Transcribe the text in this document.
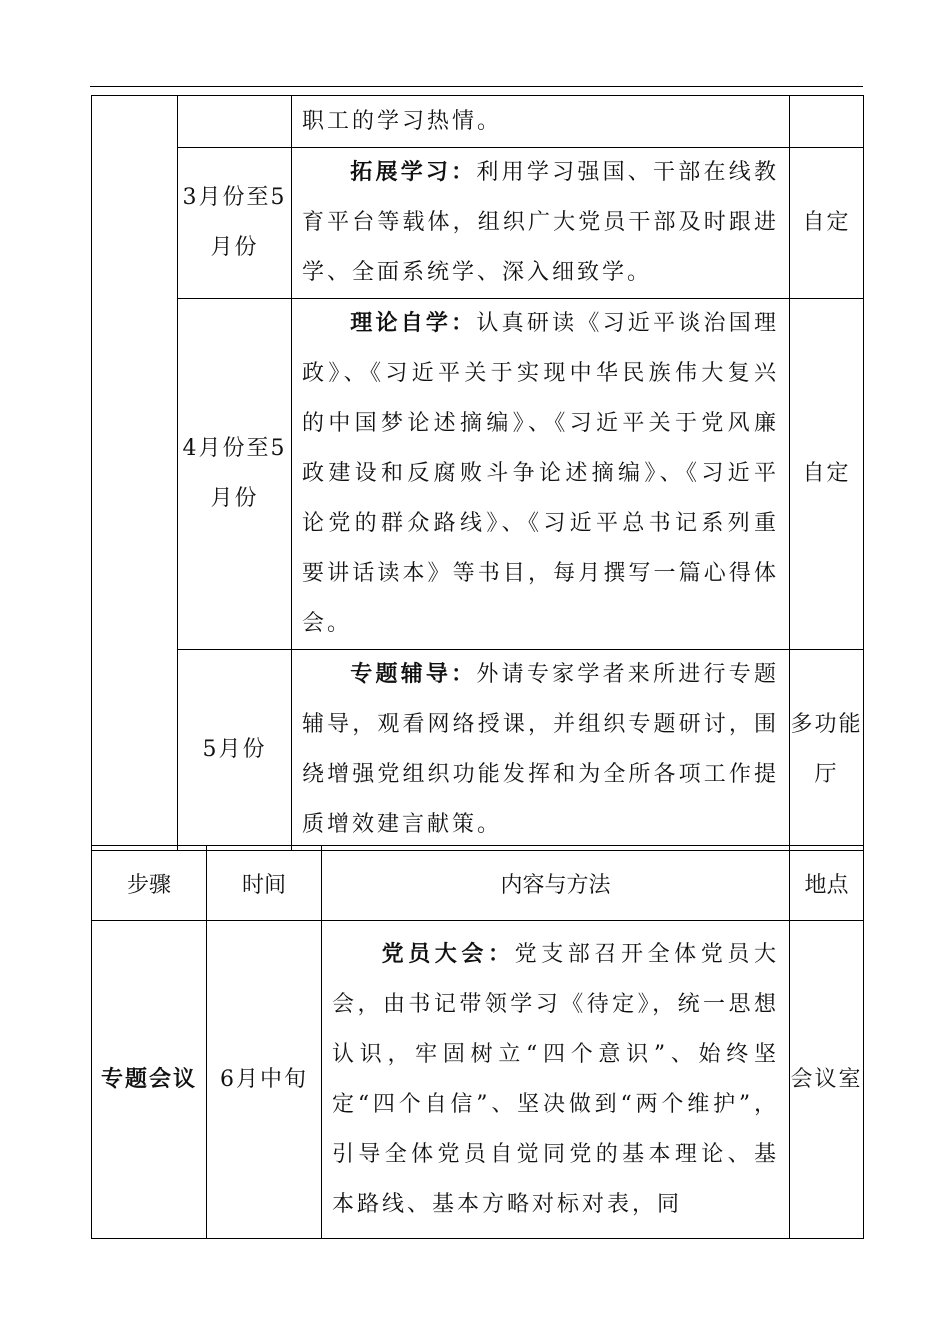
		职工的学习热情。	
	3月份至5月份	拓展学习：利用学习强国、干部在线教育平台等载体，组织广大党员干部及时跟进学、全面系统学、深入细致学。	自定
	4月份至5月份	理论自学：认真研读《习近平谈治国理政》、《习近平关于实现中华民族伟大复兴的中国梦论述摘编》、《习近平关于党风廉政建设和反腐败斗争论述摘编》、《习近平论党的群众路线》、《习近平总书记系列重要讲话读本》等书目，每月撰写一篇心得体会。	自定
	5月份	专题辅导：外请专家学者来所进行专题辅导，观看网络授课，并组织专题研讨，围绕增强党组织功能发挥和为全所各项工作提质增效建言献策。	多功能厅
步骤	时间	内容与方法	地点
专题会议	6月中旬	党员大会：党支部召开全体党员大会，由书记带领学习《待定》，统一思想认识，牢固树立“四个意识”、始终坚定“四个自信”、坚决做到“两个维护”，引导全体党员自觉同党的基本理论、基本路线、基本方略对标对表，同	会议室
